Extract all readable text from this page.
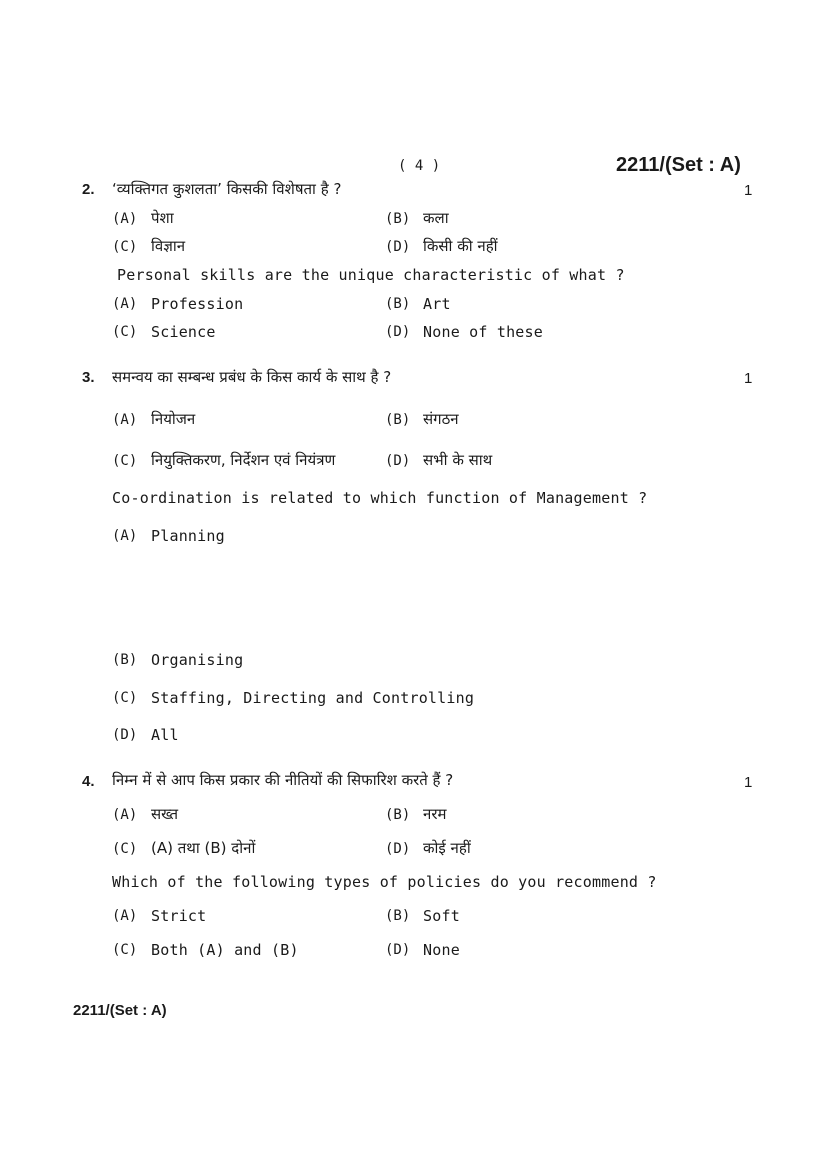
( 4 )	2211/(Set : A)
2. ‘व्यक्तिगत कुशलता’ किसकी विशेषता है ?	1
(A) पेशा	(B) कला
(C) विज्ञान	(D) किसी की नहीं
Personal skills are the unique characteristic of what ?
(A) Profession	(B) Art
(C) Science	(D) None of these
3. समन्वय का सम्बन्ध प्रबंध के किस कार्य के साथ है ?	1
(A) नियोजन	(B) संगठन
(C) नियुक्तिकरण, निर्देशन एवं नियंत्रण	(D) सभी के साथ
Co-ordination is related to which function of Management ?
(A) Planning
(B) Organising
(C) Staffing, Directing and Controlling
(D) All
4. निम्न में से आप किस प्रकार की नीतियों की सिफारिश करते हैं ?	1
(A) सख्त	(B) नरम
(C) (A) तथा (B) दोनों	(D) कोई नहीं
Which of the following types of policies do you recommend ?
(A) Strict	(B) Soft
(C) Both (A) and (B)	(D) None
2211/(Set : A)
